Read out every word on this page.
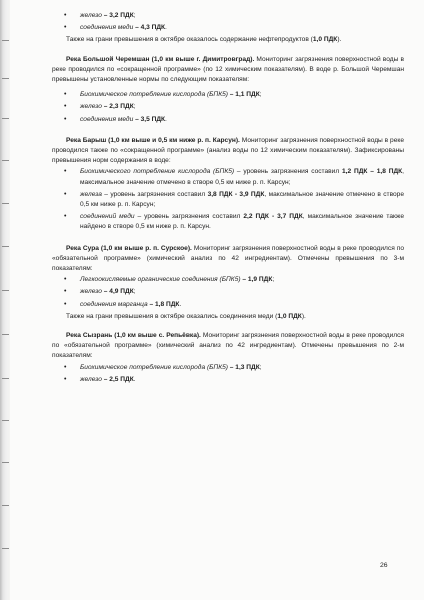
• железо – 3,2 ПДК;
• соединения меди – 4,3 ПДК.

Также на грани превышения в октябре оказалось содержание нефтепродуктов (1,0 ПДК).

Река Большой Черемшан (1,0 км выше г. Димитровград). Мониторинг загрязнения поверхностной воды в реке проводился по «сокращенной программе» (по 12 химическим показателям). В воде р. Большой Черемшан превышены установленные нормы по следующим показателям:

• Биохимическое потребление кислорода (БПК5) – 1,1 ПДК;
• железо – 2,3 ПДК;
• соединения меди – 3,5 ПДК.

Река Барыш (1,0 км выше и 0,5 км ниже р. п. Карсун). Мониторинг загрязнения поверхностной воды в реке проводился также по «сокращенной программе» (анализ воды по 12 химическим показателям). Зафиксированы превышения норм содержания в воде:

• Биохимического потребление кислорода (БПК5) – уровень загрязнения составил 1,2 ПДК – 1,8 ПДК, максимальное значение отмечено в створе 0,5 км ниже р. п. Карсун;
• железа – уровень загрязнения составил 3,8 ПДК - 3,9 ПДК, максимальное значение отмечено в створе 0,5 км ниже р. п. Карсун;
• соединений меди – уровень загрязнения составил 2,2 ПДК - 3,7 ПДК, максимальное значение также найдено в створе 0,5 км ниже р. п. Карсун.

Река Сура (1,0 км выше р. п. Сурское). Мониторинг загрязнения поверхностной воды в реке проводился по «обязательной программе» (химический анализ по 42 ингредиентам). Отмечены превышения по 3-м показателям:

• Легкоокисляемые органические соединения (БПК5) – 1,9 ПДК;
• железо – 4,9 ПДК;
• соединения марганца – 1,8 ПДК.

Также на грани превышения в октябре оказались соединения меди (1,0 ПДК).

Река Сызрань (1,0 км выше с. Репьёвка). Мониторинг загрязнения поверхностной воды в реке проводился по «обязательной программе» (химический анализ по 42 ингредиентам). Отмечены превышения по 2-м показателям:

• Биохимическое потребление кислорода (БПК5) – 1,3 ПДК;
• железо – 2,5 ПДК.
26
